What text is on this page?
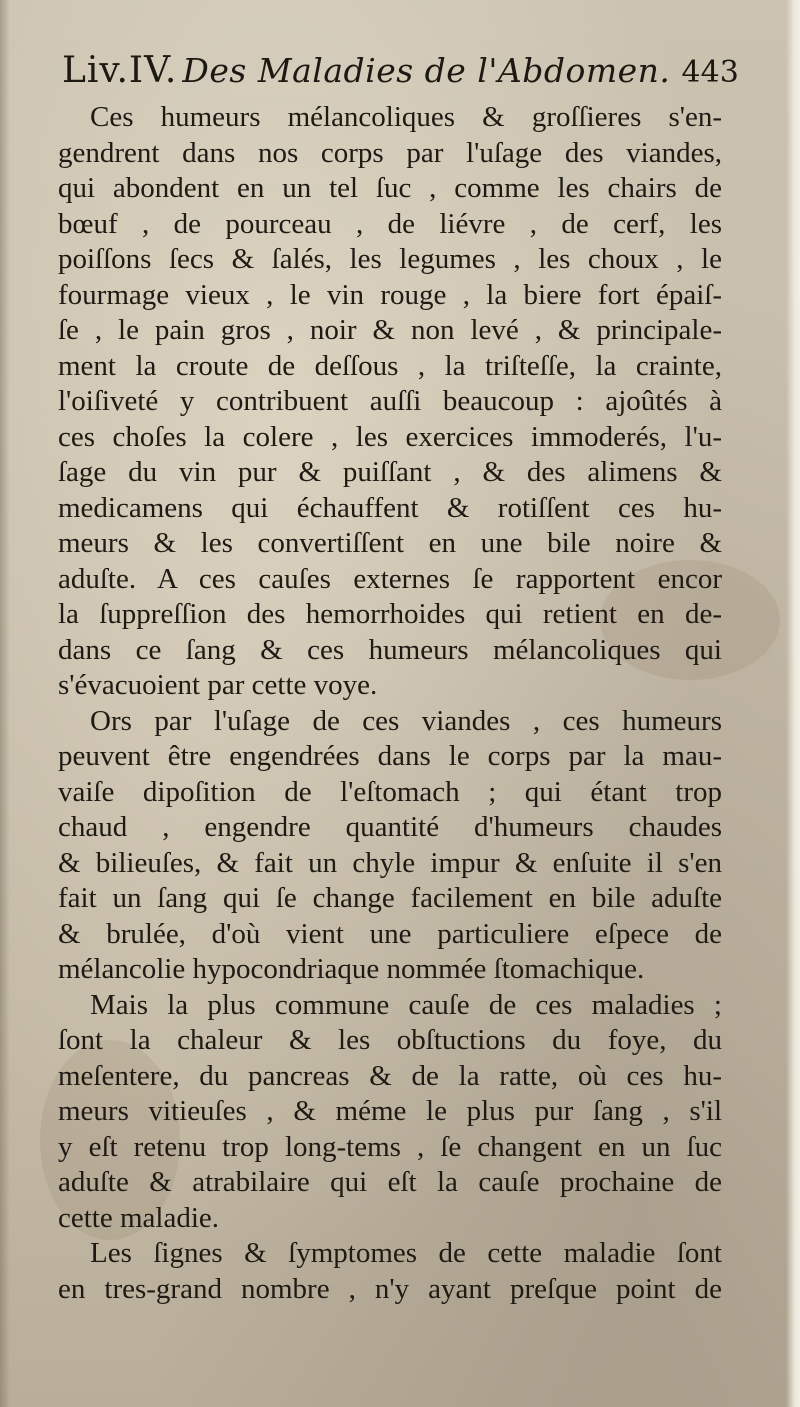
Liv.IV. Des Maladies de l'Abdomen. 443
Ces humeurs mélancoliques & groſſieres s'en-
gendrent dans nos corps par l'uſage des viandes,
qui abondent en un tel ſuc , comme les chairs de
bœuf , de pourceau , de liévre , de cerf, les
poiſſons ſecs & ſalés, les legumes , les choux , le
fourmage vieux , le vin rouge , la biere fort épaiſ-
ſe , le pain gros , noir & non levé , & principale-
ment la croute de deſſous , la triſteſſe, la crainte,
l'oiſiveté y contribuent auſſi beaucoup : ajoûtés à
ces choſes la colere , les exercices immoderés, l'u-
ſage du vin pur & puiſſant , & des alimens &
medicamens qui échauffent & rotiſſent ces hu-
meurs & les convertiſſent en une bile noire &
aduſte. A ces cauſes externes ſe rapportent encor
la ſuppreſſion des hemorrhoides qui retient en de-
dans ce ſang & ces humeurs mélancoliques qui
s'évacuoient par cette voye.
Ors par l'uſage de ces viandes , ces humeurs
peuvent être engendrées dans le corps par la mau-
vaiſe dipoſition de l'eſtomach ; qui étant trop
chaud , engendre quantité d'humeurs chaudes
& bilieuſes, & fait un chyle impur & enſuite il s'en
fait un ſang qui ſe change facilement en bile aduſte
& brulée, d'où vient une particuliere eſpece de
mélancolie hypocondriaque nommée ſtomachique.
Mais la plus commune cauſe de ces maladies ;
ſont la chaleur & les obſtuctions du foye, du
meſentere, du pancreas & de la ratte, où ces hu-
meurs vitieuſes , & méme le plus pur ſang , s'il
y eſt retenu trop long-tems , ſe changent en un ſuc
aduſte & atrabilaire qui eſt la cauſe prochaine de
cette maladie.
Les ſignes & ſymptomes de cette maladie ſont
en tres-grand nombre , n'y ayant preſque point de
